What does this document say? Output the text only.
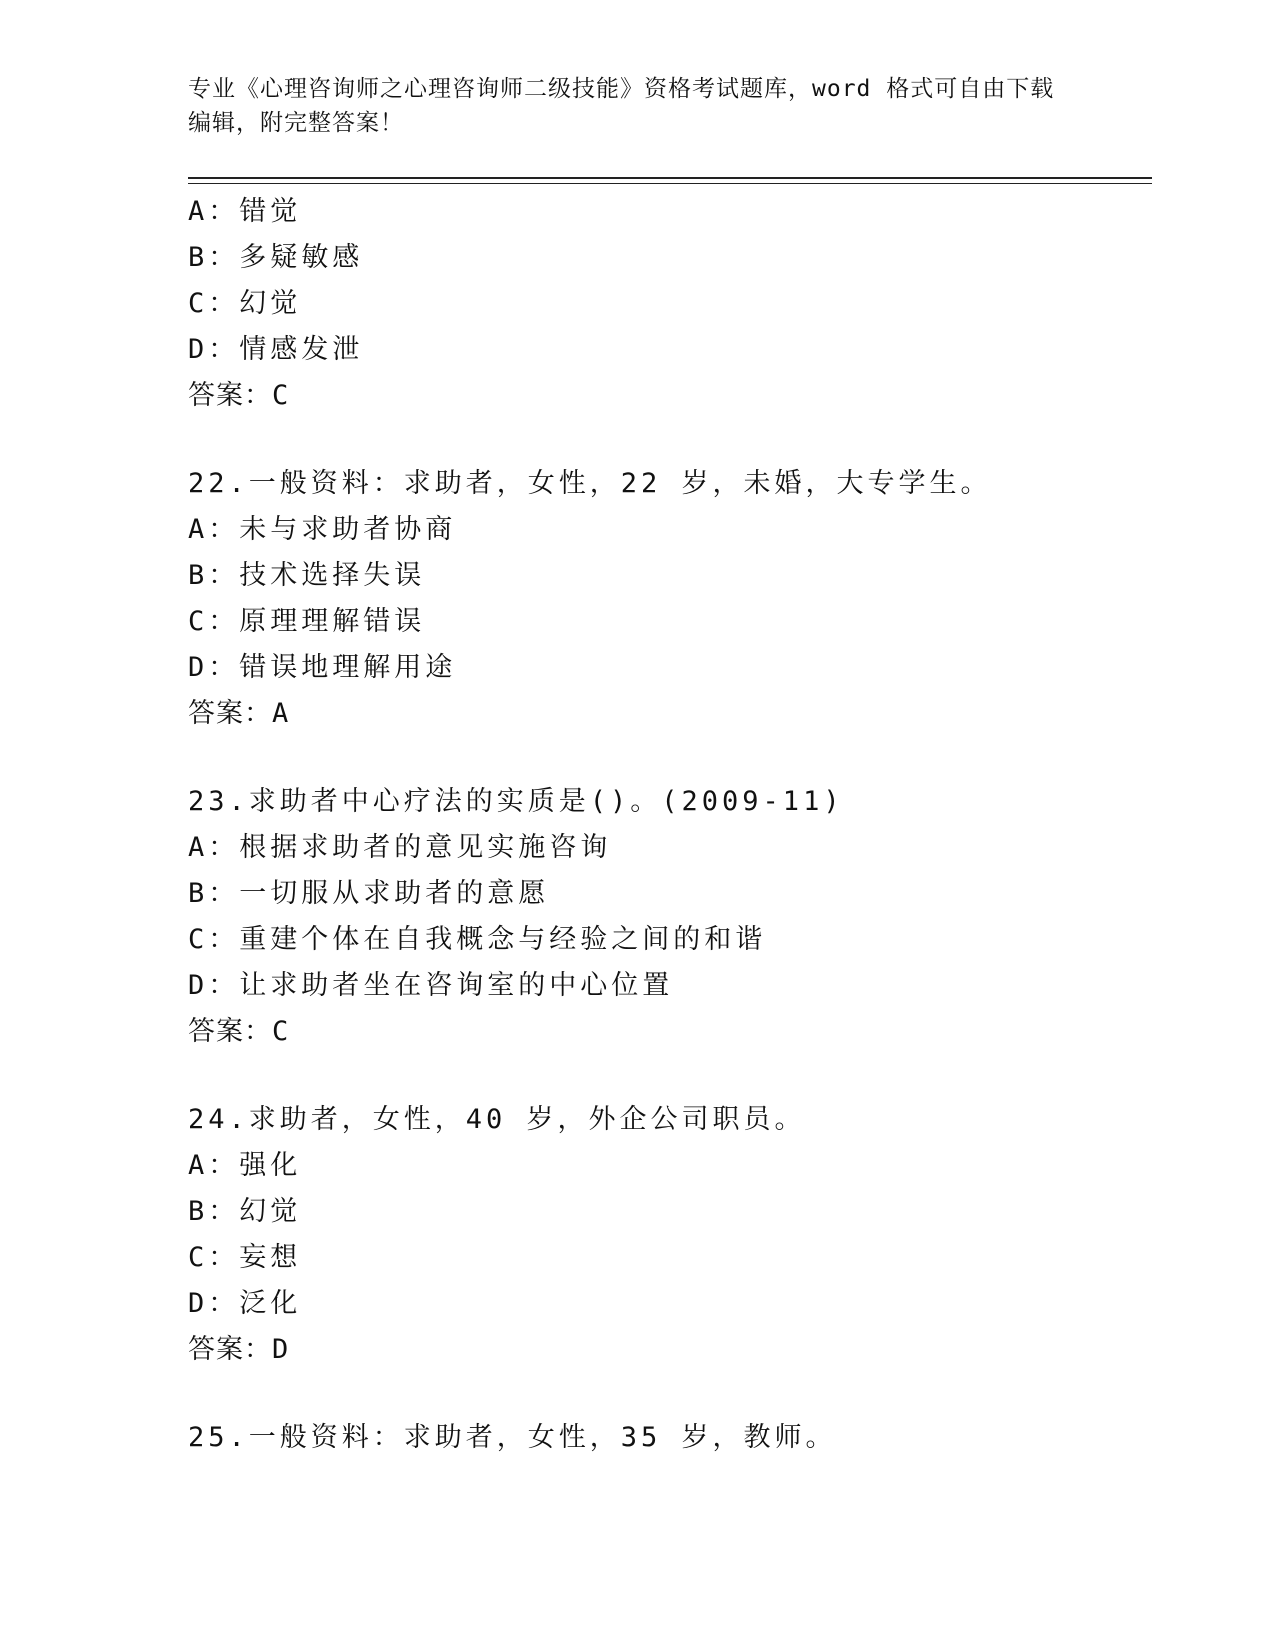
专业《心理咨询师之心理咨询师二级技能》资格考试题库，word 格式可自由下载
编辑，附完整答案！
A：错觉
B：多疑敏感
C：幻觉
D：情感发泄
答案：C
22.一般资料：求助者，女性，22 岁，未婚，大专学生。
A：未与求助者协商
B：技术选择失误
C：原理理解错误
D：错误地理解用途
答案：A
23.求助者中心疗法的实质是()。(2009-11)
A：根据求助者的意见实施咨询
B：一切服从求助者的意愿
C：重建个体在自我概念与经验之间的和谐
D：让求助者坐在咨询室的中心位置
答案：C
24.求助者，女性，40 岁，外企公司职员。
A：强化
B：幻觉
C：妄想
D：泛化
答案：D
25.一般资料：求助者，女性，35 岁，教师。
